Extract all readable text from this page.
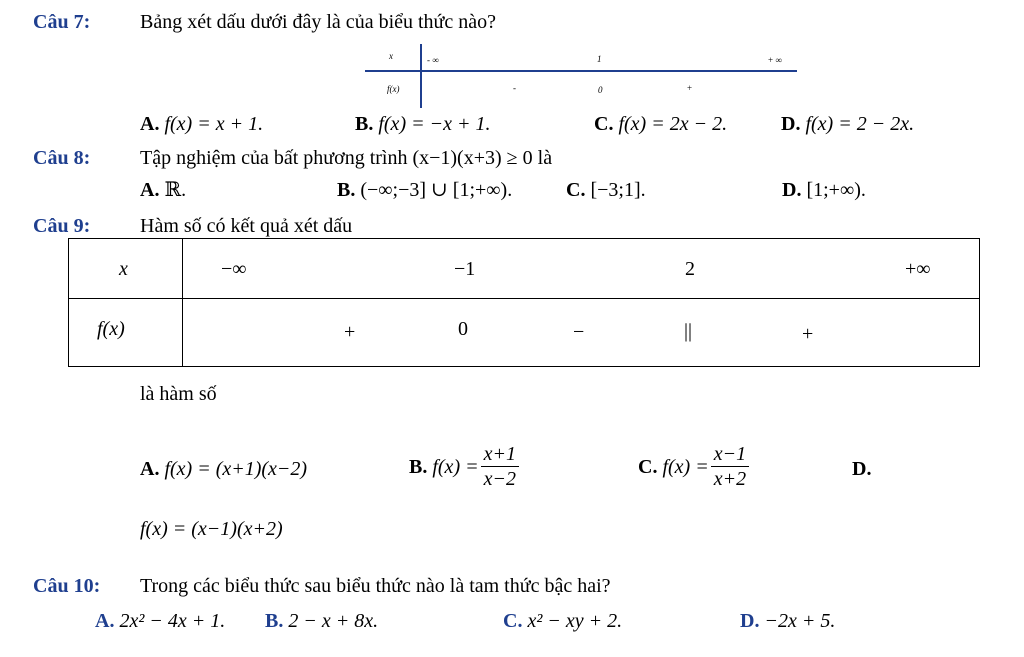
Câu 7: Bảng xét dấu dưới đây là của biểu thức nào?
x	- ∞	1	+ ∞
f(x)	-	0	+
A. f(x) = x + 1.	B. f(x) = −x + 1.	C. f(x) = 2x − 2.	D. f(x) = 2 − 2x.
Câu 8: Tập nghiệm của bất phương trình (x−1)(x+3) ≥ 0 là
A. ℝ.	B. (−∞;−3] ∪ [1;+∞).	C. [−3;1].	D. [1;+∞).
Câu 9: Hàm số có kết quả xét dấu
x	−∞	−1	2	+∞
f(x)	+	0	−	||	+
là hàm số
A. f(x) = (x+1)(x−2)	B.
$f(x) = \frac{x+1}{x-2}$	C.
$f(x) = \frac{x-1}{x+2}$	D.
f(x) = (x−1)(x+2)
Câu 10: Trong các biểu thức sau biểu thức nào là tam thức bậc hai?
A. 2x² − 4x + 1. B. 2 − x + 8x.	C. x² − xy + 2.	D. −2x + 5.
